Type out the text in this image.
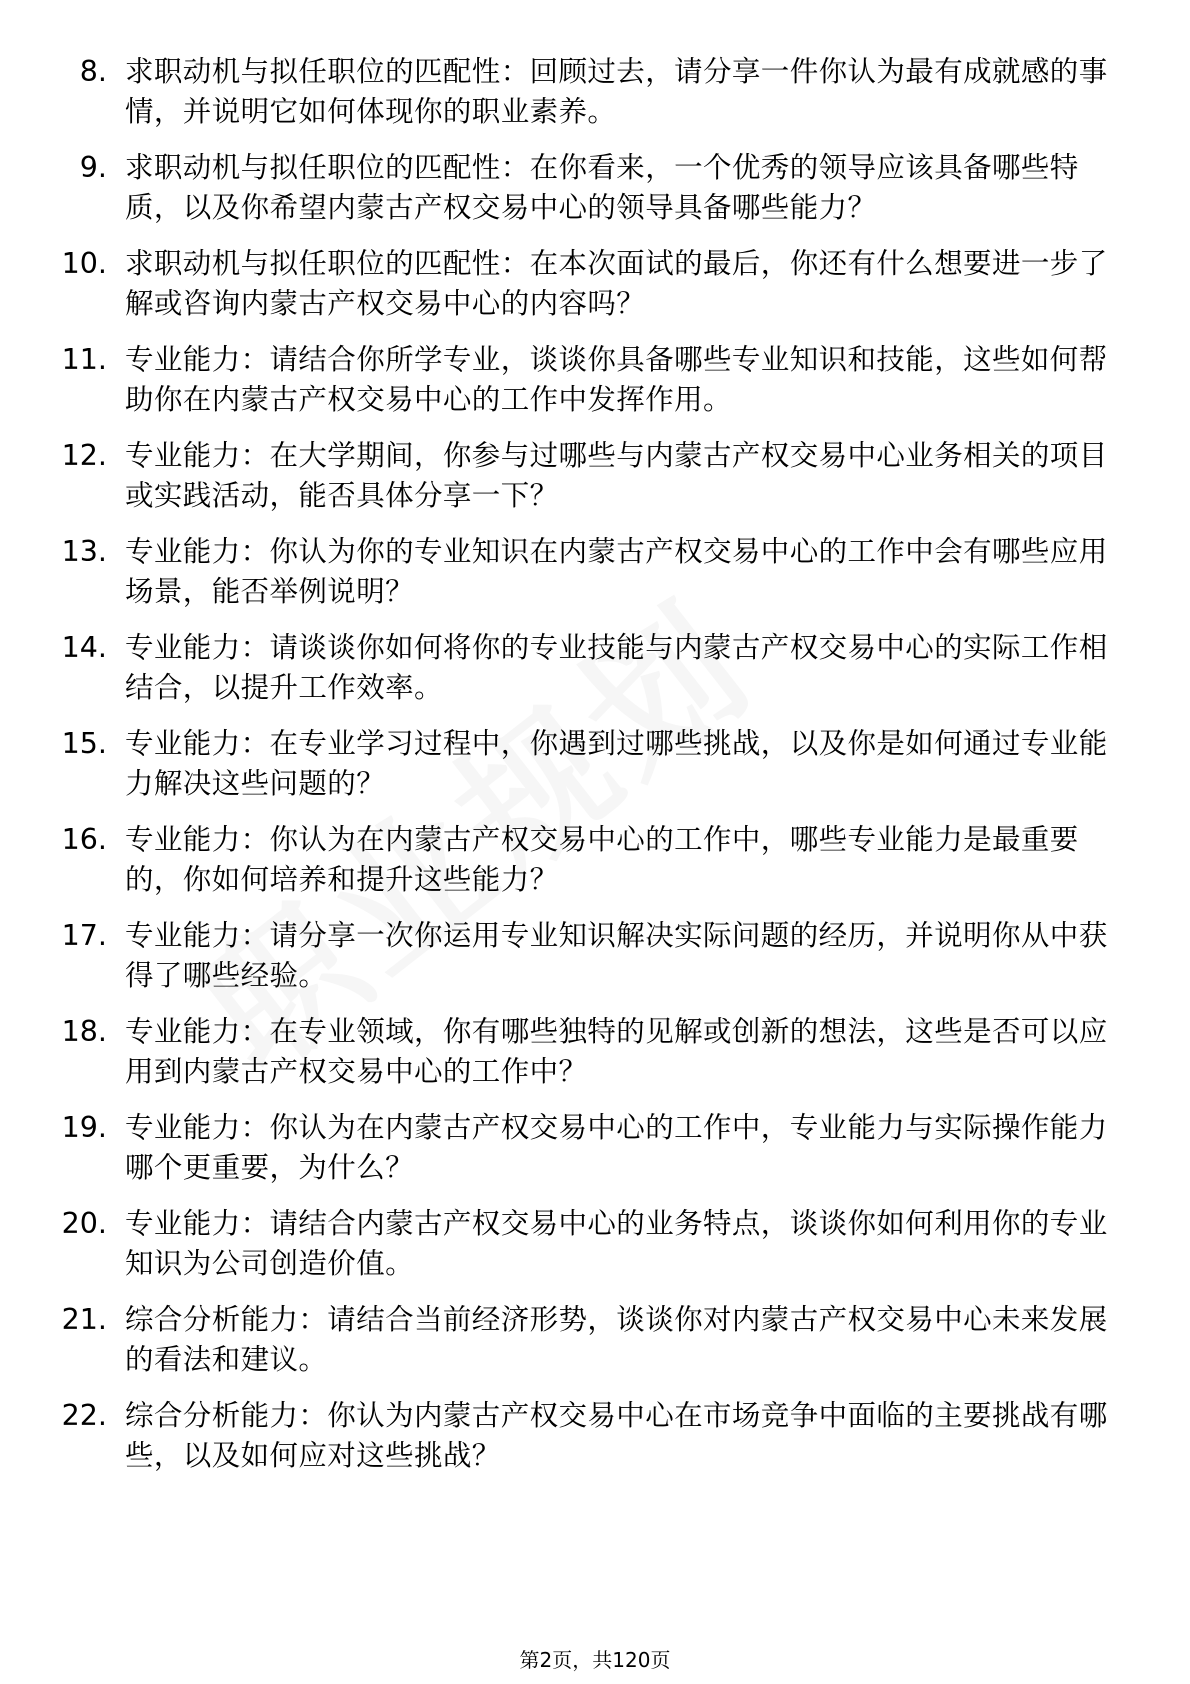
8. 求职动机与拟任职位的匹配性：回顾过去，请分享一件你认为最有成就感的事情，并说明它如何体现你的职业素养。
9. 求职动机与拟任职位的匹配性：在你看来，一个优秀的领导应该具备哪些特质，以及你希望内蒙古产权交易中心的领导具备哪些能力？
10. 求职动机与拟任职位的匹配性：在本次面试的最后，你还有什么想要进一步了解或咨询内蒙古产权交易中心的内容吗？
11. 专业能力：请结合你所学专业，谈谈你具备哪些专业知识和技能，这些如何帮助你在内蒙古产权交易中心的工作中发挥作用。
12. 专业能力：在大学期间，你参与过哪些与内蒙古产权交易中心业务相关的项目或实践活动，能否具体分享一下？
13. 专业能力：你认为你的专业知识在内蒙古产权交易中心的工作中会有哪些应用场景，能否举例说明？
14. 专业能力：请谈谈你如何将你的专业技能与内蒙古产权交易中心的实际工作相结合，以提升工作效率。
15. 专业能力：在专业学习过程中，你遇到过哪些挑战，以及你是如何通过专业能力解决这些问题的？
16. 专业能力：你认为在内蒙古产权交易中心的工作中，哪些专业能力是最重要的，你如何培养和提升这些能力？
17. 专业能力：请分享一次你运用专业知识解决实际问题的经历，并说明你从中获得了哪些经验。
18. 专业能力：在专业领域，你有哪些独特的见解或创新的想法，这些是否可以应用到内蒙古产权交易中心的工作中？
19. 专业能力：你认为在内蒙古产权交易中心的工作中，专业能力与实际操作能力哪个更重要，为什么？
20. 专业能力：请结合内蒙古产权交易中心的业务特点，谈谈你如何利用你的专业知识为公司创造价值。
21. 综合分析能力：请结合当前经济形势，谈谈你对内蒙古产权交易中心未来发展的看法和建议。
22. 综合分析能力：你认为内蒙古产权交易中心在市场竞争中面临的主要挑战有哪些，以及如何应对这些挑战？
第2页，共120页
